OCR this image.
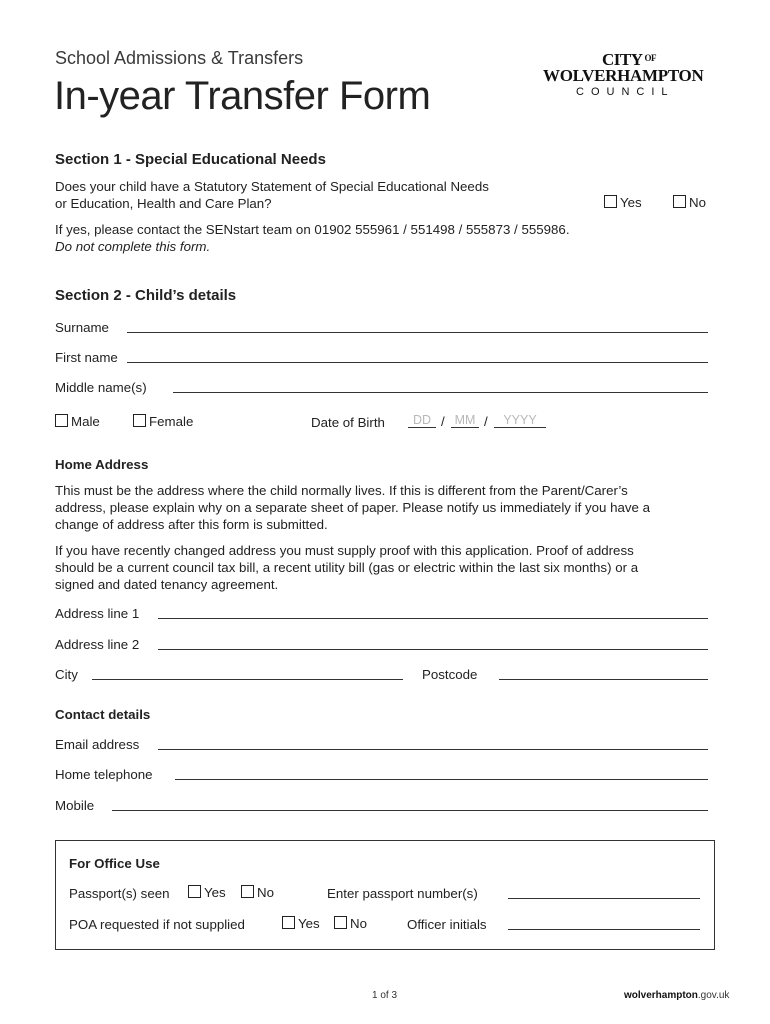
School Admissions & Transfers
In-year Transfer Form
CITY $^{OF}$
WOLVERHAMPTON
COUNCIL
Section 1 - Special Educational Needs
Does your child have a Statutory Statement of Special Educational Needs
or Education, Health and Care Plan?	Yes	No
If yes, please contact the SENstart team on 01902 555961 / 551498 / 555873 / 555986.
Do not complete this form.
Section 2 - Child’s details
Surname
First name
Middle name(s)
Male	Female	Date of Birth	DD / MM /	YYYY
Home Address
This must be the address where the child normally lives. If this is different from the Parent/Carer’s
address, please explain why on a separate sheet of paper. Please notify us immediately if you have a
change of address after this form is submitted.
If you have recently changed address you must supply proof with this application. Proof of address
should be a current council tax bill, a recent utility bill (gas or electric within the last six months) or a
signed and dated tenancy agreement.
Address line 1
Address line 2
City	Postcode
Contact details
Email address
Home telephone
Mobile
For Office Use
Passport(s) seen	Yes	No	Enter passport number(s)
POA requested if not supplied	Yes	No	Officer initials
1 of 3	wolverhampton.gov.uk
